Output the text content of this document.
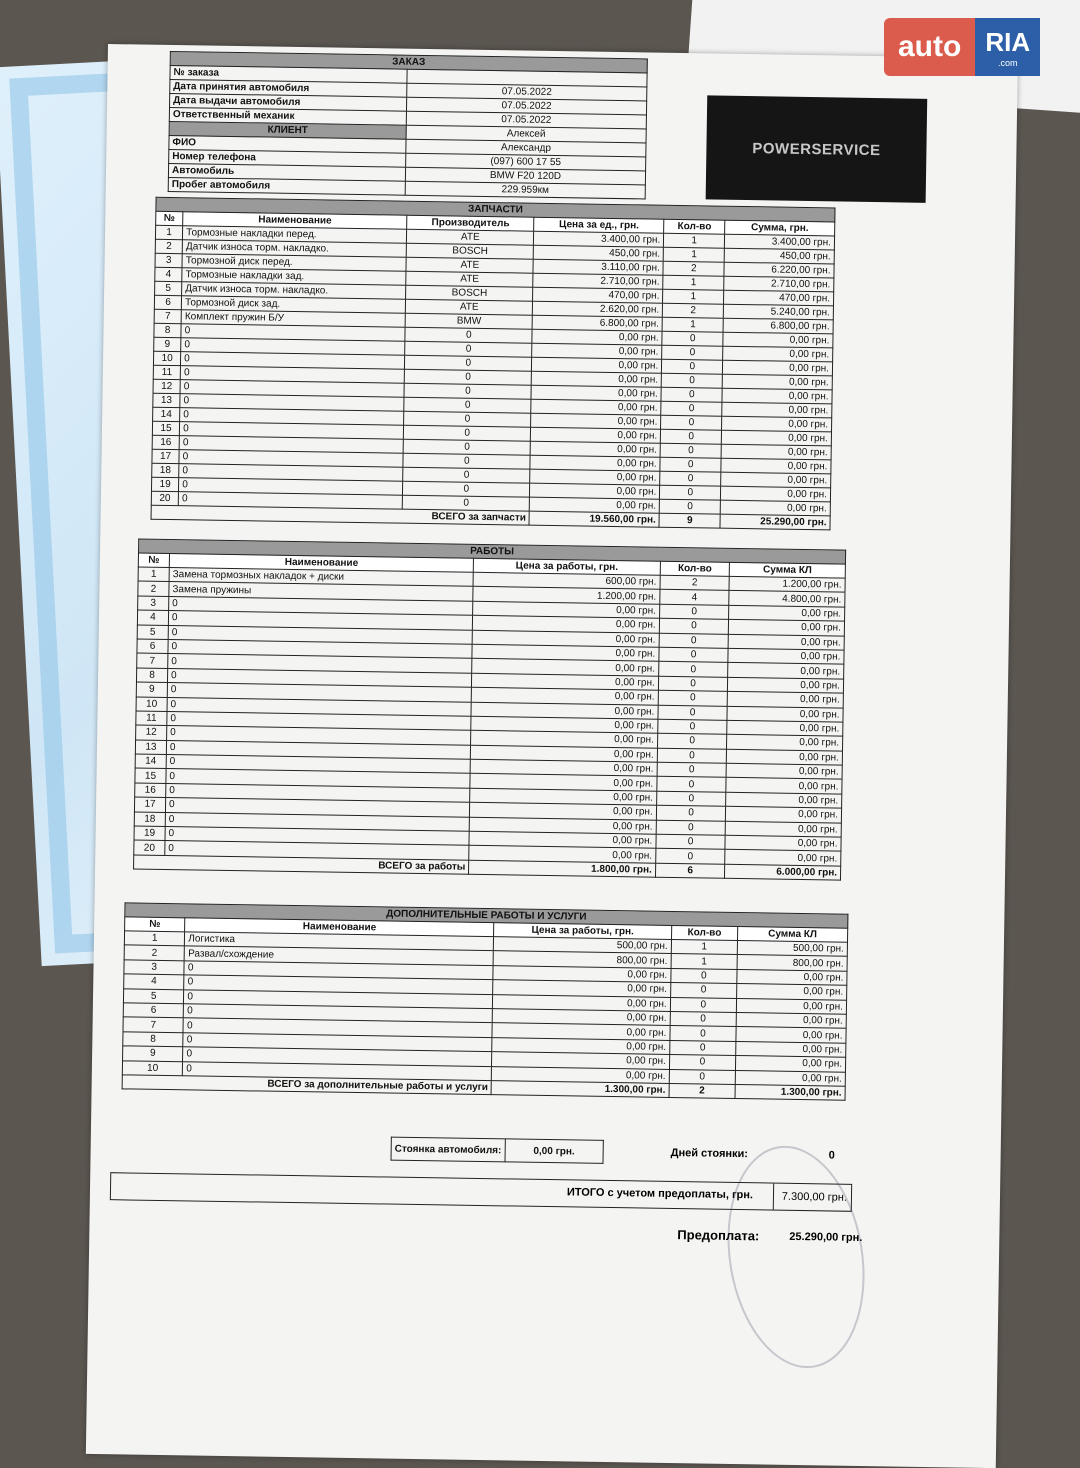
ЗАКАЗ	
№ заказа	
Дата принятия автомобиля	07.05.2022
Дата выдачи автомобиля	07.05.2022
Ответственный механик	07.05.2022
КЛИЕНТ	Алексей
ФИО	Александр
Номер телефона	(097) 600 17 55
Автомобиль	BMW F20 120D
Пробег автомобиля	229.959км
POWERSERVICE
ЗАПЧАСТИ					
№	Наименование	Производитель	Цена за ед., грн.	Кол-во	Сумма, грн.
1	Тормозные накладки перед.	ATE	3.400,00 грн.	1	3.400,00 грн.
2	Датчик износа торм. накладко.	BOSCH	450,00 грн.	1	450,00 грн.
3	Тормозной диск перед.	ATE	3.110,00 грн.	2	6.220,00 грн.
4	Тормозные накладки зад.	ATE	2.710,00 грн.	1	2.710,00 грн.
5	Датчик износа торм. накладко.	BOSCH	470,00 грн.	1	470,00 грн.
6	Тормозной диск зад.	ATE	2.620,00 грн.	2	5.240,00 грн.
7	Комплект пружин Б/У	BMW	6.800,00 грн.	1	6.800,00 грн.
8	0	0	0,00 грн.	0	0,00 грн.
9	0	0	0,00 грн.	0	0,00 грн.
10	0	0	0,00 грн.	0	0,00 грн.
11	0	0	0,00 грн.	0	0,00 грн.
12	0	0	0,00 грн.	0	0,00 грн.
13	0	0	0,00 грн.	0	0,00 грн.
14	0	0	0,00 грн.	0	0,00 грн.
15	0	0	0,00 грн.	0	0,00 грн.
16	0	0	0,00 грн.	0	0,00 грн.
17	0	0	0,00 грн.	0	0,00 грн.
18	0	0	0,00 грн.	0	0,00 грн.
19	0	0	0,00 грн.	0	0,00 грн.
20	0	0	0,00 грн.	0	0,00 грн.
ВСЕГО за запчасти			19.560,00 грн.	9	25.290,00 грн.
РАБОТЫ				
№	Наименование	Цена за работы, грн.	Кол-во	Сумма КЛ
1	Замена тормозных накладок + диски	600,00 грн.	2	1.200,00 грн.
2	Замена пружины	1.200,00 грн.	4	4.800,00 грн.
3	0	0,00 грн.	0	0,00 грн.
4	0	0,00 грн.	0	0,00 грн.
5	0	0,00 грн.	0	0,00 грн.
6	0	0,00 грн.	0	0,00 грн.
7	0	0,00 грн.	0	0,00 грн.
8	0	0,00 грн.	0	0,00 грн.
9	0	0,00 грн.	0	0,00 грн.
10	0	0,00 грн.	0	0,00 грн.
11	0	0,00 грн.	0	0,00 грн.
12	0	0,00 грн.	0	0,00 грн.
13	0	0,00 грн.	0	0,00 грн.
14	0	0,00 грн.	0	0,00 грн.
15	0	0,00 грн.	0	0,00 грн.
16	0	0,00 грн.	0	0,00 грн.
17	0	0,00 грн.	0	0,00 грн.
18	0	0,00 грн.	0	0,00 грн.
19	0	0,00 грн.	0	0,00 грн.
20	0	0,00 грн.	0	0,00 грн.
ВСЕГО за работы		1.800,00 грн.	6	6.000,00 грн.
ДОПОЛНИТЕЛЬНЫЕ РАБОТЫ И УСЛУГИ				
№	Наименование	Цена за работы, грн.	Кол-во	Сумма КЛ
1	Логистика	500,00 грн.	1	500,00 грн.
2	Развал/схождение	800,00 грн.	1	800,00 грн.
3	0	0,00 грн.	0	0,00 грн.
4	0	0,00 грн.	0	0,00 грн.
5	0	0,00 грн.	0	0,00 грн.
6	0	0,00 грн.	0	0,00 грн.
7	0	0,00 грн.	0	0,00 грн.
8	0	0,00 грн.	0	0,00 грн.
9	0	0,00 грн.	0	0,00 грн.
10	0	0,00 грн.	0	0,00 грн.
ВСЕГО за дополнительные работы и услуги		1.300,00 грн.	2	1.300,00 грн.
Стоянка автомобиля:	0,00 грн.	Дней стоянки:	0
ИТОГО с учетом предоплаты, грн.	7.300,00 грн.
Предоплата:	25.290,00 грн.
auto RIA
.com
